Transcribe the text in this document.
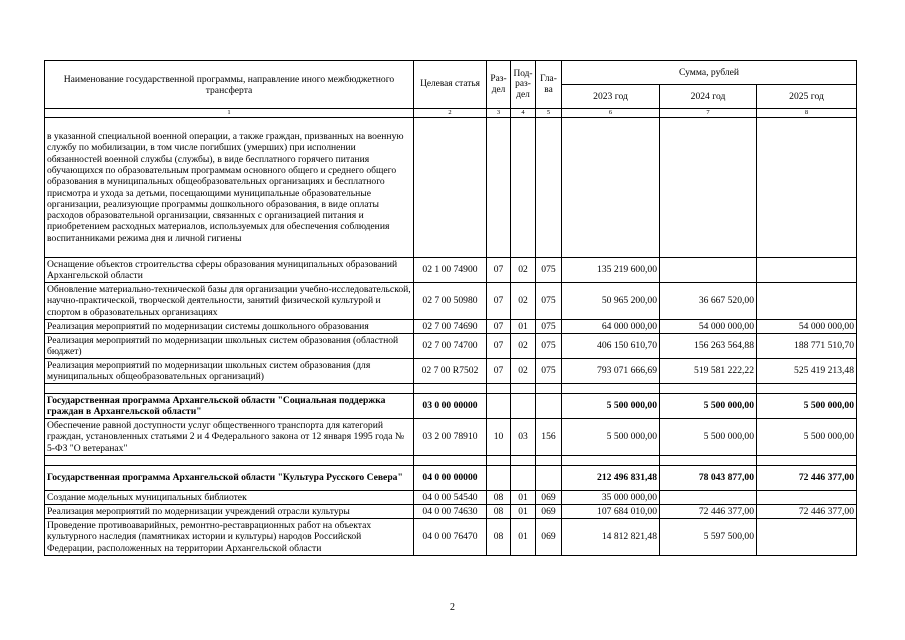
Наименование государственной программы, направление иного межбюджетного трансферта	Целевая статья	Раз-дел	Под-раз-дел	Гла-ва	Сумма, рублей		
					2023 год	2024 год	2025 год
1	2	3	4	5	6	7	8
в указанной специальной военной операции, а также граждан, призванных на военную службу по мобилизации, в том числе погибших (умерших) при исполнении обязанностей военной службы (службы), в виде бесплатного горячего питания обучающихся по образовательным программам основного общего и среднего общего образования в муниципальных общеобразовательных организациях и бесплатного присмотра и ухода за детьми, посещающими муниципальные образовательные организации, реализующие программы дошкольного образования, в виде оплаты расходов образовательной организации, связанных с организацией питания и приобретением расходных материалов, используемых для обеспечения соблюдения воспитанниками режима дня и личной гигиены							
Оснащение объектов строительства сферы образования муниципальных образований Архангельской области	02 1 00 74900	07	02	075	135 219 600,00		
Обновление материально-технической базы для организации учебно-исследовательской, научно-практической, творческой деятельности, занятий физической культурой и спортом в образовательных организациях	02 7 00 50980	07	02	075	50 965 200,00	36 667 520,00	
Реализация мероприятий по модернизации системы дошкольного образования	02 7 00 74690	07	01	075	64 000 000,00	54 000 000,00	54 000 000,00
Реализация мероприятий по модернизации школьных систем образования (областной бюджет)	02 7 00 74700	07	02	075	406 150 610,70	156 263 564,88	188 771 510,70
Реализация мероприятий по модернизации школьных систем образования (для муниципальных общеобразовательных организаций)	02 7 00 R7502	07	02	075	793 071 666,69	519 581 222,22	525 419 213,48

Государственная программа Архангельской области "Социальная поддержка граждан в Архангельской области"	03 0 00 00000				5 500 000,00	5 500 000,00	5 500 000,00
Обеспечение равной доступности услуг общественного транспорта для категорий граждан, установленных статьями 2 и 4 Федерального закона от 12 января 1995 года № 5-ФЗ "О ветеранах"	03 2 00 78910	10	03	156	5 500 000,00	5 500 000,00	5 500 000,00

Государственная программа Архангельской области "Культура Русского Севера"	04 0 00 00000				212 496 831,48	78 043 877,00	72 446 377,00
Создание модельных муниципальных библиотек	04 0 00 54540	08	01	069	35 000 000,00		
Реализация мероприятий по модернизации учреждений отрасли культуры	04 0 00 74630	08	01	069	107 684 010,00	72 446 377,00	72 446 377,00
Проведение противоаварийных, ремонтно-реставрационных работ на объектах культурного наследия (памятниках истории и культуры) народов Российской Федерации, расположенных на территории Архангельской области	04 0 00 76470	08	01	069	14 812 821,48	5 597 500,00	
2
